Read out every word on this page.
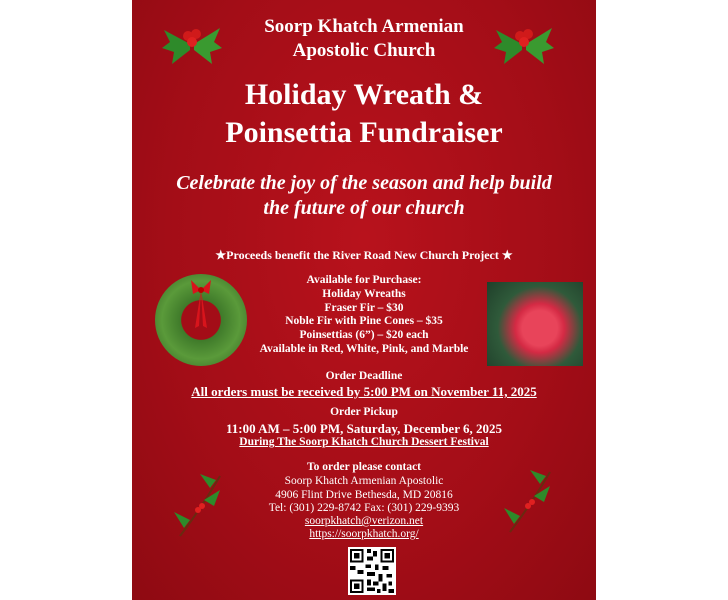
Soorp Khatch Armenian
Apostolic Church
Holiday Wreath &
Poinsettia Fundraiser
Celebrate the joy of the season and help build
the future of our church
★Proceeds benefit the River Road New Church Project ★
Available for Purchase:
Holiday Wreaths
Fraser Fir – $30
Noble Fir with Pine Cones – $35
Poinsettias (6”) – $20 each
Available in Red, White, Pink, and Marble
Order Deadline
All orders must be received by 5:00 PM on November 11, 2025
Order Pickup
11:00 AM – 5:00 PM, Saturday, December 6, 2025
During The Soorp Khatch Church Dessert Festival
To order please contact
Soorp Khatch Armenian Apostolic
4906 Flint Drive Bethesda, MD 20816
Tel: (301) 229-8742 Fax: (301) 229-9393
soorpkhatch@verizon.net
https://soorpkhatch.org/
